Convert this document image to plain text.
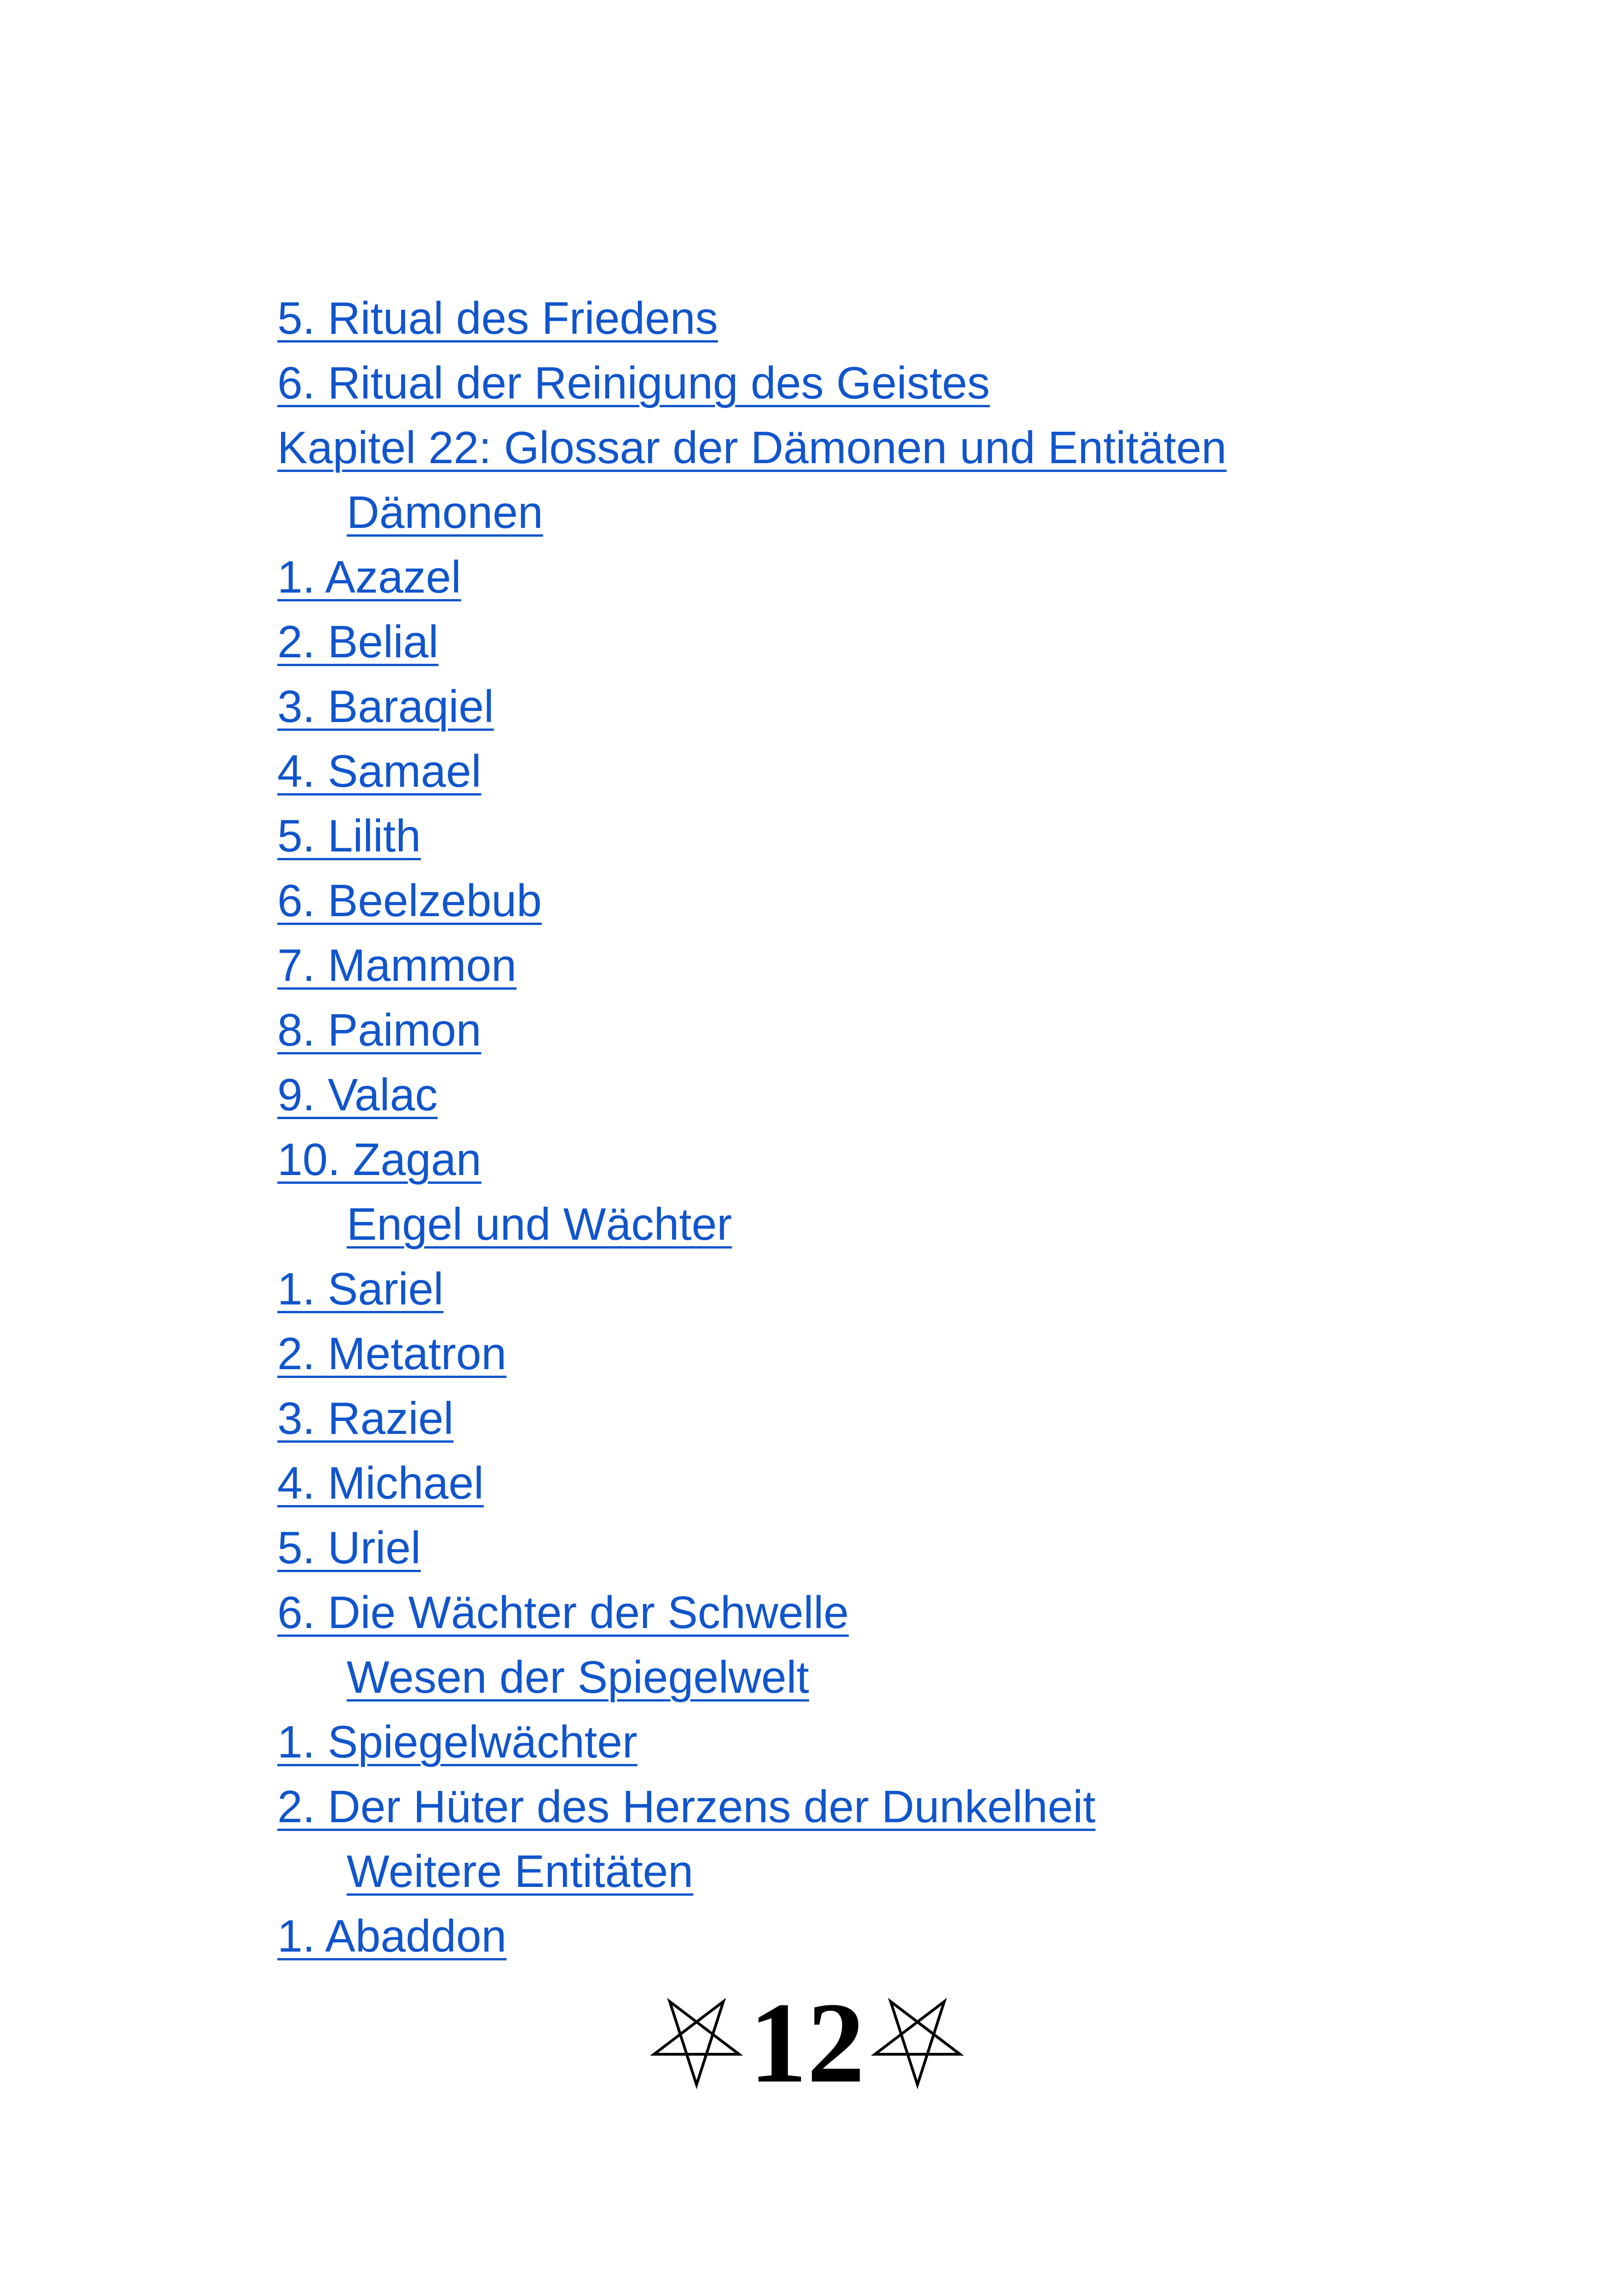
5. Ritual des Friedens
6. Ritual der Reinigung des Geistes
Kapitel 22: Glossar der Dämonen und Entitäten
Dämonen
1. Azazel
2. Belial
3. Baraqiel
4. Samael
5. Lilith
6. Beelzebub
7. Mammon
8. Paimon
9. Valac
10. Zagan
Engel und Wächter
1. Sariel
2. Metatron
3. Raziel
4. Michael
5. Uriel
6. Die Wächter der Schwelle
Wesen der Spiegelwelt
1. Spiegelwächter
2. Der Hüter des Herzens der Dunkelheit
Weitere Entitäten
1. Abaddon
12
